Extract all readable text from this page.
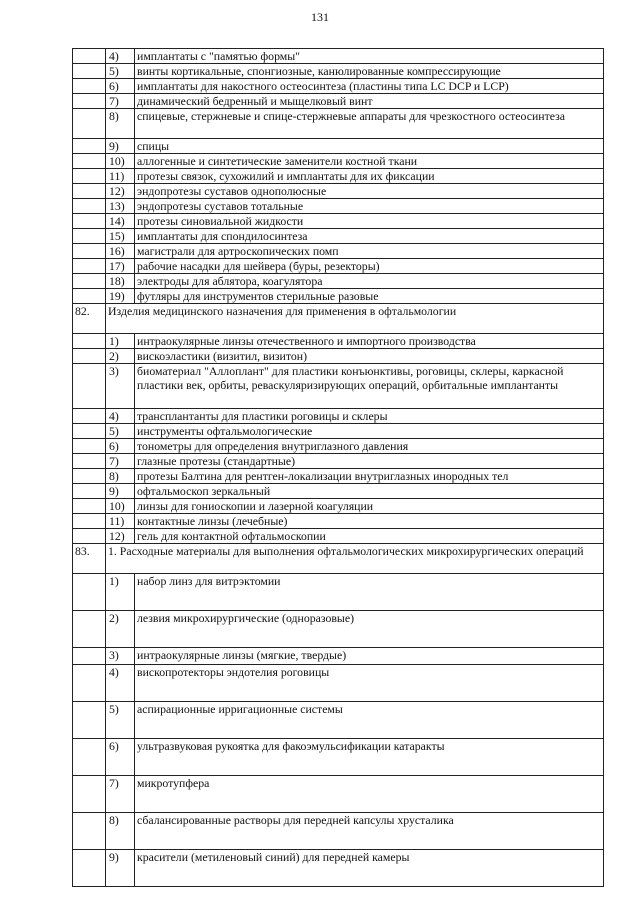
131
	4)	имплантаты с "памятью формы"
	5)	винты кортикальные, спонгиозные, канюлированные компрессирующие
	6)	имплантаты для накостного остеосинтеза (пластины типа LC DCP и LCP)
	7)	динамический бедренный и мыщелковый винт
	8)	спицевые, стержневые и спице-стержневые аппараты для чрезкостного остеосинтеза
	9)	спицы
	10)	аллогенные и синтетические заменители костной ткани
	11)	протезы связок, сухожилий и имплантаты для их фиксации
	12)	эндопротезы суставов однополюсные
	13)	эндопротезы суставов тотальные
	14)	протезы синовиальной жидкости
	15)	имплантаты для спондилосинтеза
	16)	магистрали для артроскопических помп
	17)	рабочие насадки для шейвера (буры, резекторы)
	18)	электроды для аблятора, коагулятора
	19)	футляры для инструментов стерильные разовые
82.	Изделия медицинского назначения для применения в офтальмологии	
	1)	интраокулярные линзы отечественного и импортного производства
	2)	вискоэластики (визитил, визитон)
	3)	биоматериал "Аллоплант" для пластики конъюнктивы, роговицы, склеры, каркасной пластики век, орбиты, реваскуляризирующих операций, орбитальные имплантанты
	4)	трансплантанты для пластики роговицы и склеры
	5)	инструменты офтальмологические
	6)	тонометры для определения внутриглазного давления
	7)	глазные протезы (стандартные)
	8)	протезы Балтина для рентген-локализации внутриглазных инородных тел
	9)	офтальмоскоп зеркальный
	10)	линзы для гониоскопии и лазерной коагуляции
	11)	контактные линзы (лечебные)
	12)	гель для контактной офтальмоскопии
83.	1. Расходные материалы для выполнения офтальмологических микрохирургических операций	
	1)	набор линз для витрэктомии
	2)	лезвия микрохирургические (одноразовые)
	3)	интраокулярные линзы (мягкие, твердые)
	4)	вископротекторы эндотелия роговицы
	5)	аспирационные ирригационные системы
	6)	ультразвуковая рукоятка для факоэмульсификации катаракты
	7)	микротупфера
	8)	сбалансированные растворы для передней капсулы хрусталика
	9)	красители (метиленовый синий) для передней камеры
